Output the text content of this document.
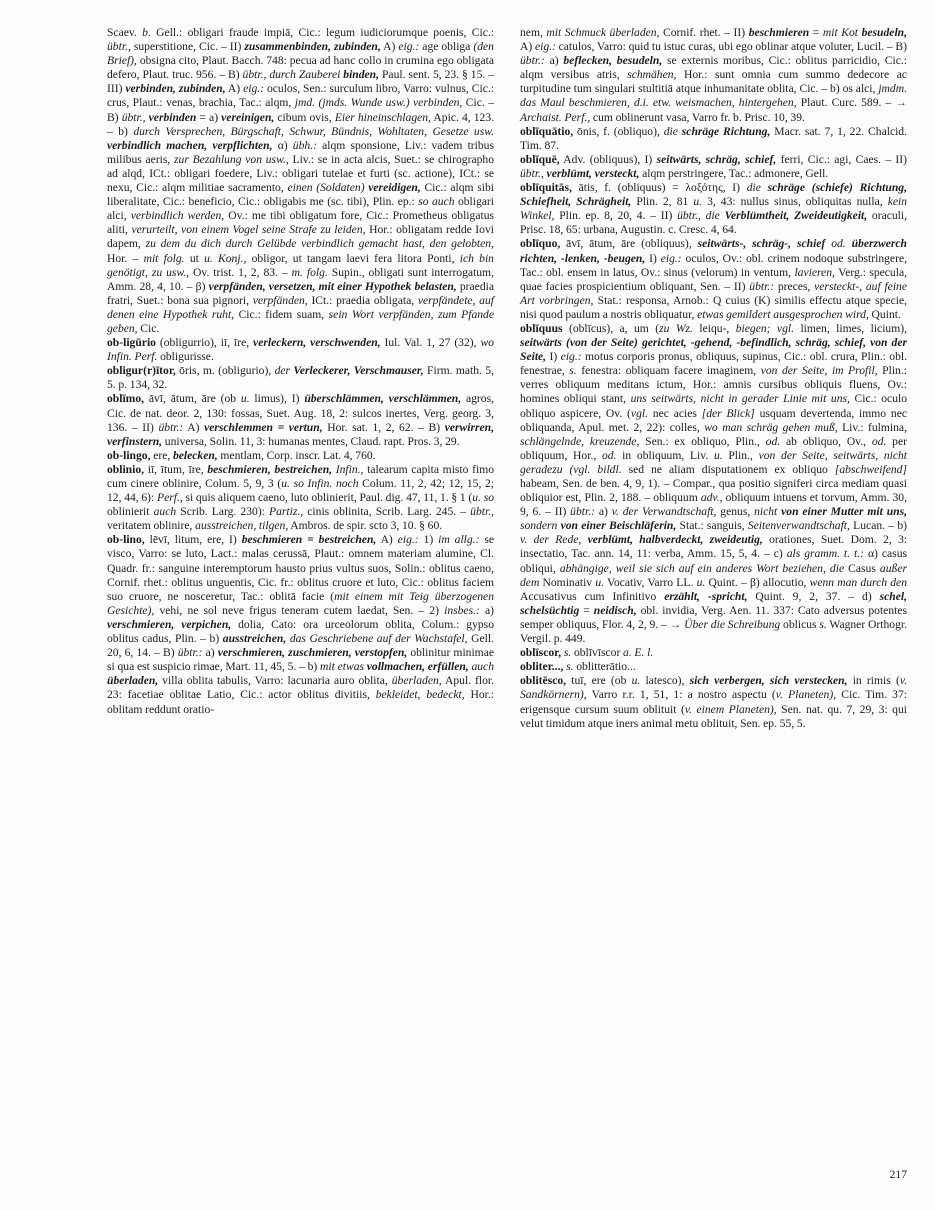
Scaev. b. Gell.: obligari fraude impiā, Cic.: legum iudiciorumque poenis, Cic.: übtr., superstitione, Cic. – II) zusammenbinden, zubinden, A) eig.: age obliga (den Brief), obsigna cito, Plaut. Bacch. 748: pecua ad hanc collo in crumina ego obligata defero, Plaut. truc. 956. – B) übtr., durch Zauberei binden, Paul. sent. 5, 23. § 15. – III) verbinden, zubinden, A) eig.: oculos, Sen.: surculum libro, Varro: vulnus, Cic.: crus, Plaut.: venas, brachia, Tac.: alqm, jmd. (jmds. Wunde usw.) verbinden, Cic. – B) übtr., verbinden = a) vereinigen, cibum ovis, Eier hineinschlagen, Apic. 4, 123. – b) durch Versprechen, Bürgschaft, Schwur, Bündnis, Wohltaten, Gesetze usw. verbindlich machen, verpflichten, α) übh.: alqm sponsione, Liv.: vadem tribus milibus aeris, zur Bezahlung von usw., Liv.: se in acta alcis, Suet.: se chirographo ad alqd, ICt.: obligari foedere, Liv.: obligari tutelae et furti (sc. actione), ICt.: se nexu, Cic.: alqm militiae sacramento, einen (Soldaten) vereidigen, Cic.: alqm sibi liberalitate, Cic.: beneficio, Cic.: obligabis me (sc. tibi), Plin. ep.: so auch obligari alci, verbindlich werden, Ov.: me tibi obligatum fore, Cic.: Prometheus obligatus aliti, verurteilt, von einem Vogel seine Strafe zu leiden, Hor.: obligatam redde Iovi dapem, zu dem du dich durch Gelübde verbindlich gemacht hast, den gelobten, Hor. – mit folg. ut u. Konj., obligor, ut tangam laevi fera litora Ponti, ich bin genötigt, zu usw., Ov. trist. 1, 2, 83. – m. folg. Supin., obligati sunt interrogatum, Amm. 28, 4, 10. – β) verpfänden, versetzen, mit einer Hypothek belasten, praedia fratri, Suet.: bona sua pignori, verpfänden, ICt.: praedia obligata, verpfändete, auf denen eine Hypothek ruht, Cic.: fidem suam, sein Wort verpfänden, zum Pfande geben, Cic.

ob-ligūrio (obligurrio), iī, īre, verleckern, verschwenden, Iul. Val. 1, 27 (32), wo Infin. Perf. obligurisse.

obligur(r)ītor, ōris, m. (obligurio), der Verleckerer, Verschmauser, Firm. math. 5, 5. p. 134, 32.

oblīmo, āvī, ātum, āre (ob u. limus), I) überschlämmen, verschlämmen, agros, Cic. de nat. deor. 2, 130: fossas, Suet. Aug. 18, 2: sulcos inertes, Verg. georg. 3, 136. – II) übtr.: A) verschlemmen = vertun, Hor. sat. 1, 2, 62. – B) verwirren, verfinstern, universa, Solin. 11, 3: humanas mentes, Claud. rapt. Pros. 3, 29.

ob-lingo, ere, belecken, mentlam, Corp. inscr. Lat. 4, 760.

oblinio, iī, ītum, īre, beschmieren, bestreichen, Infin., talearum capita misto fimo cum cinere oblinire, Colum. 5, 9, 3 (u. so Infin. noch Colum. 11, 2, 42; 12, 15, 2; 12, 44, 6): Perf., si quis aliquem caeno, luto oblinierit, Paul. dig. 47, 11, 1. § 1 (u. so oblinierit auch Scrib. Larg. 230): Partiz., cinis oblinita, Scrib. Larg. 245. – übtr., veritatem oblinire, ausstreichen, tilgen, Ambros. de spir. scto 3, 10. § 60.

ob-lino, lēvī, litum, ere, I) beschmieren = bestreichen, A) eig.: 1) im allg.: se visco, Varro: se luto, Lact.: malas cerussā, Plaut.: omnem materiam alumine, Cl. Quadr. fr.: sanguine interemptorum hausto prius vultus suos, Solin.: oblitus caeno, Cornif. rhet.: oblitus unguentis, Cic. fr.: oblitus cruore et luto, Cic.: oblitus faciem suo cruore, ne nosceretur, Tac.: oblitā facie (mit einem mit Teig überzogenen Gesichte), vehi, ne sol neve frigus teneram cutem laedat, Sen. – 2) insbes.: a) verschmieren, verpichen, dolia, Cato: ora urceolorum oblita, Colum.: gypso oblitus cadus, Plin. – b) ausstreichen, das Geschriebene auf der Wachstafel, Gell. 20, 6, 14. – B) übtr.: a) verschmieren, zuschmieren, verstopfen, oblinitur minimae si qua est suspicio rimae, Mart. 11, 45, 5. – b) mit etwas vollmachen, erfüllen, auch überladen, villa oblita tabulis, Varro: lacunaria auro oblita, überladen, Apul. flor. 23: facetiae oblitae Latio, Cic.: actor oblitus divitiis, bekleidet, bedeckt, Hor.: oblitam reddunt oratio-

nem, mit Schmuck überladen, Cornif. rhet. – II) beschmieren = mit Kot besudeln, A) eig.: catulos, Varro: quid tu istuc curas, ubi ego oblinar atque voluter, Lucil. – B) übtr.: a) beflecken, besudeln, se externis moribus, Cic.: oblitus parricidio, Cic.: alqm versibus atris, schmähen, Hor.: sunt omnia cum summo dedecore ac turpitudine tum singulari stultitiā atque inhumanitate oblita, Cic. – b) os alci, jmdm. das Maul beschmieren, d.i. etw. weismachen, hintergehen, Plaut. Curc. 589. – → Archaist. Perf., cum oblinerunt vasa, Varro fr. b. Prisc. 10, 39.

oblīquātio, ōnis, f. (obliquo), die schräge Richtung, Macr. sat. 7, 1, 22. Chalcid. Tim. 87.

oblīquē, Adv. (obliquus), I) seitwärts, schräg, schief, ferri, Cic.: agi, Caes. – II) übtr., verblümt, versteckt, alqm perstringere, Tac.: admonere, Gell.

oblīquitās, ātis, f. (obliquus) = λοξότης, I) die schräge (schiefe) Richtung, Schiefheit, Schrägheit, Plin. 2, 81 u. 3, 43: nullus sinus, obliquitas nulla, kein Winkel, Plin. ep. 8, 20, 4. – II) übtr., die Verblümtheit, Zweideutigkeit, oraculi, Prisc. 18, 65: urbana, Augustin. c. Cresc. 4, 64.

oblīquo, āvī, ātum, āre (obliquus), seitwärts-, schräg-, schief od. überzwerch richten, -lenken, -beugen, I) eig.: oculos, Ov.: obl. crinem nodoque substringere, Tac.: obl. ensem in latus, Ov.: sinus (velorum) in ventum, lavieren, Verg.: specula, quae facies prospicientium obliquant, Sen. – II) übtr.: preces, versteckt-, auf feine Art vorbringen, Stat.: responsa, Arnob.: Q cuius (K) similis effectu atque specie, nisi quod paulum a nostris obliquatur, etwas gemildert ausgesprochen wird, Quint.

oblīquus (oblīcus), a, um (zu Wz. leiqu-, biegen; vgl. limen, limes, licium), seitwärts (von der Seite) gerichtet, -gehend, -befindlich, schräg, schief, von der Seite, I) eig.: motus corporis pronus, obliquus, supinus, Cic.: obl. crura, Plin.: obl. fenestrae, s. fenestra: obliquam facere imaginem, von der Seite, im Profil, Plin.: verres obliquum meditans ictum, Hor.: amnis cursibus obliquis fluens, Ov.: homines obliqui stant, uns seitwärts, nicht in gerader Linie mit uns, Cic.: oculo obliquo aspicere, Ov. (vgl. nec acies [der Blick] usquam devertenda, immo nec obliquanda, Apul. met. 2, 22): colles, wo man schräg gehen muß, Liv.: fulmina, schlängelnde, kreuzende, Sen.: ex obliquo, Plin., od. ab obliquo, Ov., od. per obliquum, Hor., od. in obliquum, Liv. u. Plin., von der Seite, seitwärts, nicht geradezu (vgl. bildl. sed ne aliam disputationem ex obliquo [abschweifend] habeam, Sen. de ben. 4, 9, 1). – Compar., qua positio signiferi circa mediam quasi obliquior est, Plin. 2, 188. – obliquum adv., obliquum intuens et torvum, Amm. 30, 9, 6. – II) übtr.: a) v. der Verwandtschaft, genus, nicht von einer Mutter mit uns, sondern von einer Beischläferin, Stat.: sanguis, Seitenverwandtschaft, Lucan. – b) v. der Rede, verblümt, halbverdeckt, zweideutig, orationes, Suet. Dom. 2, 3: insectatio, Tac. ann. 14, 11: verba, Amm. 15, 5, 4. – c) als gramm. t. t.: α) casus obliqui, abhängige, weil sie sich auf ein anderes Wort beziehen, die Casus außer dem Nominativ u. Vocativ, Varro LL. u. Quint. – β) allocutio, wenn man durch den Accusativus cum Infinitivo erzählt, -spricht, Quint. 9, 2, 37. – d) schel, schelsüchtig = neidisch, obl. invidia, Verg. Aen. 11. 337: Cato adversus potentes semper obliquus, Flor. 4, 2, 9. – → Über die Schreibung oblicus s. Wagner Orthogr. Vergil. p. 449.

oblīscor, s. oblīvīscor a. E. l.

obliter..., s. oblitterātio...

oblitēsco, tuī, ere (ob u. latesco), sich verbergen, sich verstecken, in rimis (v. Sandkörnern), Varro r.r. 1, 51, 1: a nostro aspectu (v. Planeten), Cic. Tim. 37: erigensque cursum suum oblituit (v. einem Planeten), Sen. nat. qu. 7, 29, 3: qui velut timidum atque iners animal metu oblituit, Sen. ep. 55, 5.

217
